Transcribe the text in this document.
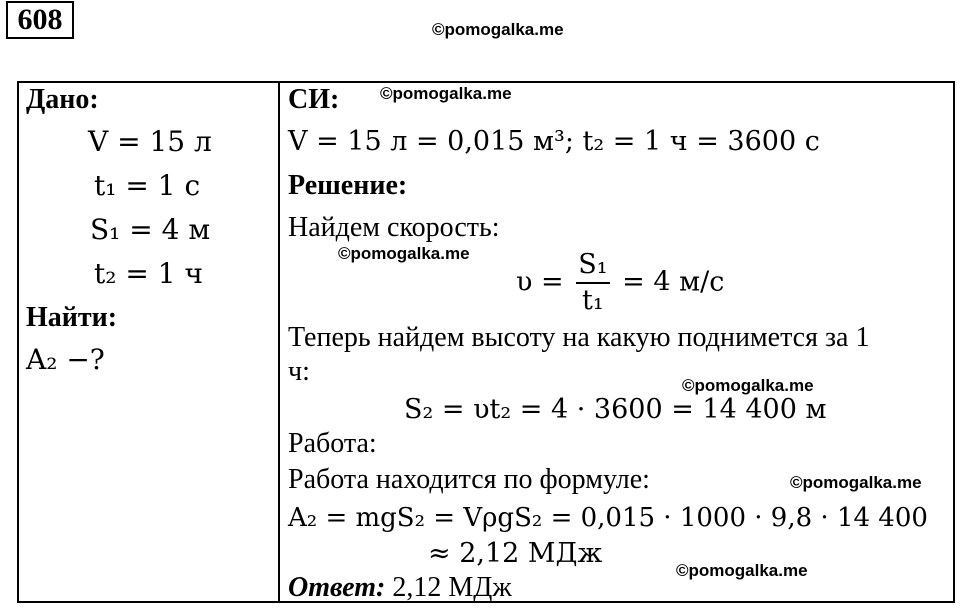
608	©pomogalka.me
Дано:
V = 15 л
t₁ = 1 с
S₁ = 4 м
t₂ = 1 ч
Найти:
A₂ −?
СИ: ©pomogalka.me
V = 15 л = 0,015 м³; t₂ = 1 ч = 3600 с
Решение:
Найдем скорость:
©pomogalka.me
$\upsilon = \frac{\text{S₁}}{\text{t₁}} = 4$ м/с
Теперь найдем высоту на какую поднимется за 1
ч:	©pomogalka.me
S₂ = υt₂ = 4 · 3600 = 14 400 м
Работа:
Работа находится по формуле:	©pomogalka.me
A₂ = mgS₂ = VρgS₂ = 0,015 · 1000 · 9,8 · 14 400
≈ 2,12 МДж
Ответ: 2,12 МДж
©pomogalka.me
